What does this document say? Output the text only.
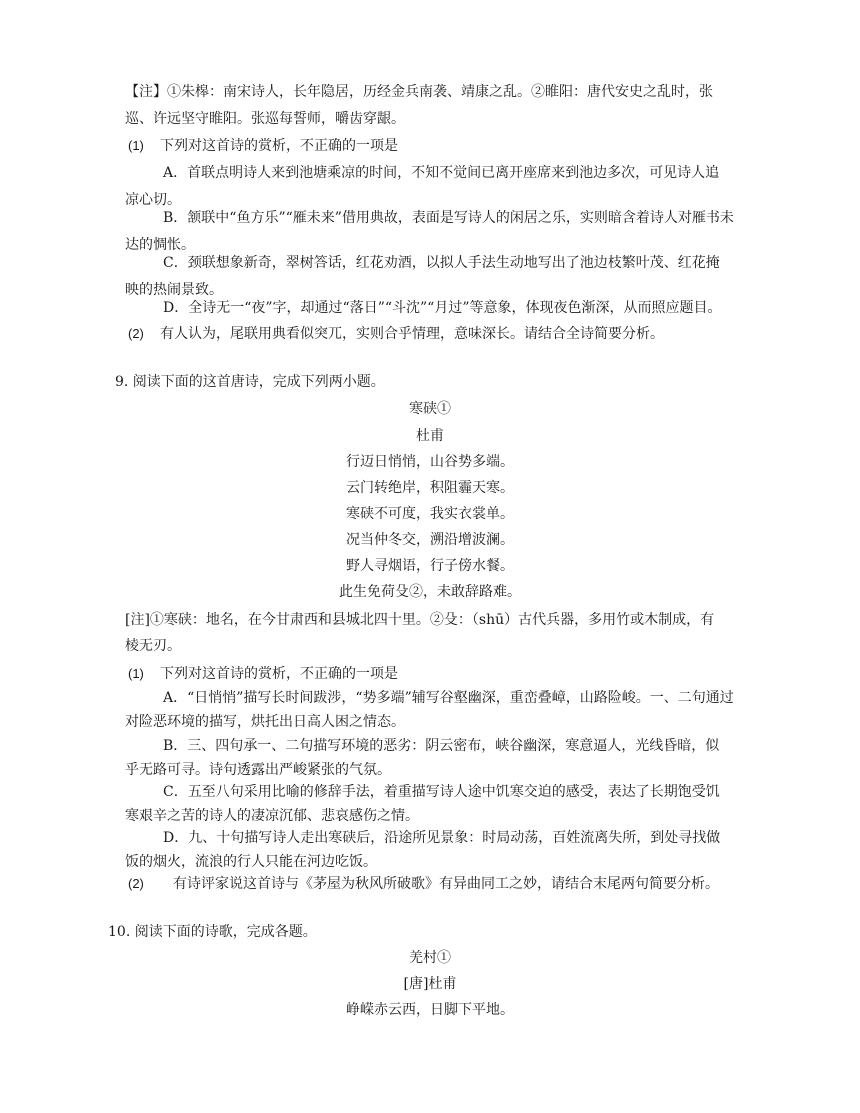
【注】①朱槔：南宋诗人，长年隐居，历经金兵南袭、靖康之乱。②睢阳：唐代安史之乱时，张
巡、许远坚守睢阳。张巡每誓师，嚼齿穿龈。
(1) 下列对这首诗的赏析，不正确的一项是
A．首联点明诗人来到池塘乘凉的时间，不知不觉间已离开座席来到池边多次，可见诗人追
凉心切。
B．颔联中“鱼方乐”“雁未来”借用典故，表面是写诗人的闲居之乐，实则暗含着诗人对雁书未
达的惆怅。
C．颈联想象新奇，翠树答话，红花劝酒，以拟人手法生动地写出了池边枝繁叶茂、红花掩
映的热闹景致。
D．全诗无一“夜”字，却通过“落日”“斗沈”“月过”等意象，体现夜色渐深，从而照应题目。
(2) 有人认为，尾联用典看似突兀，实则合乎情理，意味深长。请结合全诗简要分析。
9. 阅读下面的这首唐诗，完成下列两小题。
寒硖①
杜甫
行迈日悄悄，山谷势多端。
云门转绝岸，积阻霾天寒。
寒硖不可度，我实衣裳单。
况当仲冬交，溯沿增波澜。
野人寻烟语，行子傍水餐。
此生免荷殳②，未敢辞路难。
[注]①寒硖：地名，在今甘肃西和县城北四十里。②殳：（shū）古代兵器，多用竹或木制成，有
棱无刃。
(1) 下列对这首诗的赏析，不正确的一项是
A．“日悄悄”描写长时间跋涉，“势多端”辅写谷壑幽深，重峦叠嶂，山路险峻。一、二句通过
对险恶环境的描写，烘托出日高人困之情态。
B．三、四句承一、二句描写环境的恶劣：阴云密布，峡谷幽深，寒意逼人，光线昏暗，似
乎无路可寻。诗句透露出严峻紧张的气氛。
C．五至八句采用比喻的修辞手法，着重描写诗人途中饥寒交迫的感受，表达了长期饱受饥
寒艰辛之苦的诗人的凄凉沉郁、悲哀感伤之情。
D．九、十句描写诗人走出寒硖后，沿途所见景象：时局动荡，百姓流离失所，到处寻找做
饭的烟火，流浪的行人只能在河边吃饭。
(2) 有诗评家说这首诗与《茅屋为秋风所破歌》有异曲同工之妙，请结合末尾两句简要分析。
10. 阅读下面的诗歌，完成各题。
羌村①
[唐]杜甫
峥嵘赤云西，日脚下平地。
